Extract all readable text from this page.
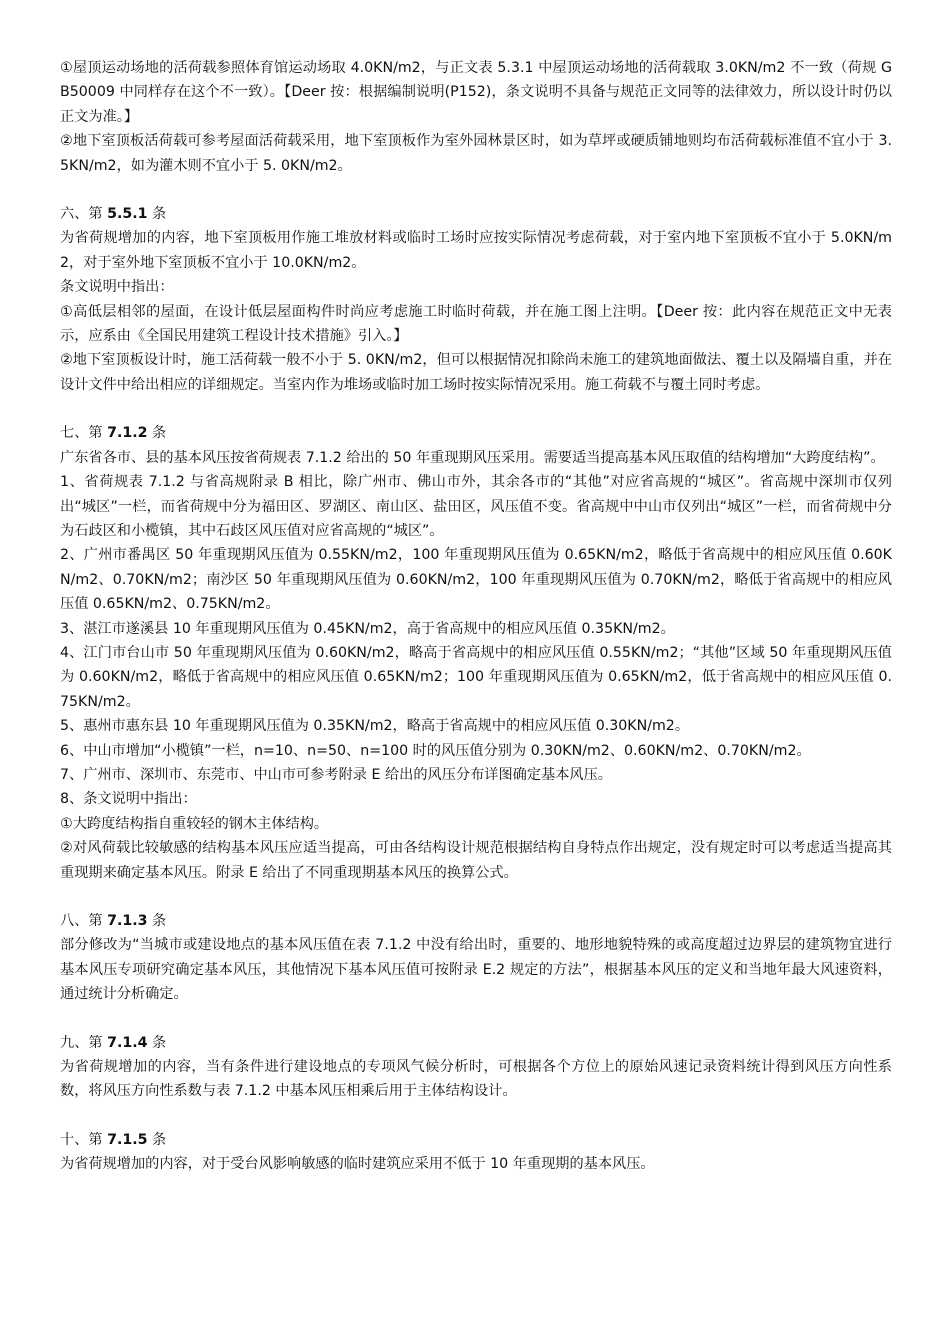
①屋顶运动场地的活荷载参照体育馆运动场取 4.0KN/m2，与正文表 5.3.1 中屋顶运动场地的活荷载取 3.0KN/m2 不一致（荷规 GB50009 中同样存在这个不一致）。【Deer 按：根据编制说明(P152)，条文说明不具备与规范正文同等的法律效力，所以设计时仍以正文为准。】

②地下室顶板活荷载可参考屋面活荷载采用，地下室顶板作为室外园林景区时，如为草坪或硬质铺地则均布活荷载标准值不宜小于 3.5KN/m2，如为灌木则不宜小于 5. 0KN/m2。

六、第 5.5.1 条

为省荷规增加的内容，地下室顶板用作施工堆放材料或临时工场时应按实际情况考虑荷载，对于室内地下室顶板不宜小于 5.0KN/m2，对于室外地下室顶板不宜小于 10.0KN/m2。

条文说明中指出：

①高低层相邻的屋面，在设计低层屋面构件时尚应考虑施工时临时荷载，并在施工图上注明。【Deer 按：此内容在规范正文中无表示，应系由《全国民用建筑工程设计技术措施》引入。】

②地下室顶板设计时，施工活荷载一般不小于 5. 0KN/m2，但可以根据情况扣除尚未施工的建筑地面做法、覆土以及隔墙自重，并在设计文件中给出相应的详细规定。当室内作为堆场或临时加工场时按实际情况采用。施工荷载不与覆土同时考虑。

七、第 7.1.2 条

广东省各市、县的基本风压按省荷规表 7.1.2 给出的 50 年重现期风压采用。需要适当提高基本风压取值的结构增加“大跨度结构”。

1、省荷规表 7.1.2 与省高规附录 B 相比，除广州市、佛山市外，其余各市的“其他”对应省高规的“城区”。省高规中深圳市仅列出“城区”一栏，而省荷规中分为福田区、罗湖区、南山区、盐田区，风压值不变。省高规中中山市仅列出“城区”一栏，而省荷规中分为石歧区和小榄镇，其中石歧区风压值对应省高规的“城区”。

2、广州市番禺区 50 年重现期风压值为 0.55KN/m2，100 年重现期风压值为 0.65KN/m2，略低于省高规中的相应风压值 0.60KN/m2、0.70KN/m2；南沙区 50 年重现期风压值为 0.60KN/m2，100 年重现期风压值为 0.70KN/m2，略低于省高规中的相应风压值 0.65KN/m2、0.75KN/m2。

3、湛江市遂溪县 10 年重现期风压值为 0.45KN/m2，高于省高规中的相应风压值 0.35KN/m2。

4、江门市台山市 50 年重现期风压值为 0.60KN/m2，略高于省高规中的相应风压值 0.55KN/m2；“其他”区域 50 年重现期风压值为 0.60KN/m2，略低于省高规中的相应风压值 0.65KN/m2；100 年重现期风压值为 0.65KN/m2，低于省高规中的相应风压值 0.75KN/m2。

5、惠州市惠东县 10 年重现期风压值为 0.35KN/m2，略高于省高规中的相应风压值 0.30KN/m2。

6、中山市增加“小榄镇”一栏，n=10、n=50、n=100 时的风压值分别为 0.30KN/m2、0.60KN/m2、0.70KN/m2。

7、广州市、深圳市、东莞市、中山市可参考附录 E 给出的风压分布详图确定基本风压。

8、条文说明中指出：

①大跨度结构指自重较轻的钢木主体结构。

②对风荷载比较敏感的结构基本风压应适当提高，可由各结构设计规范根据结构自身特点作出规定，没有规定时可以考虑适当提高其重现期来确定基本风压。附录 E 给出了不同重现期基本风压的换算公式。

八、第 7.1.3 条

部分修改为“当城市或建设地点的基本风压值在表 7.1.2 中没有给出时，重要的、地形地貌特殊的或高度超过边界层的建筑物宜进行基本风压专项研究确定基本风压，其他情况下基本风压值可按附录 E.2 规定的方法”，根据基本风压的定义和当地年最大风速资料，通过统计分析确定。

九、第 7.1.4 条

为省荷规增加的内容，当有条件进行建设地点的专项风气候分析时，可根据各个方位上的原始风速记录资料统计得到风压方向性系数，将风压方向性系数与表 7.1.2 中基本风压相乘后用于主体结构设计。

十、第 7.1.5 条

为省荷规增加的内容，对于受台风影响敏感的临时建筑应采用不低于 10 年重现期的基本风压。
